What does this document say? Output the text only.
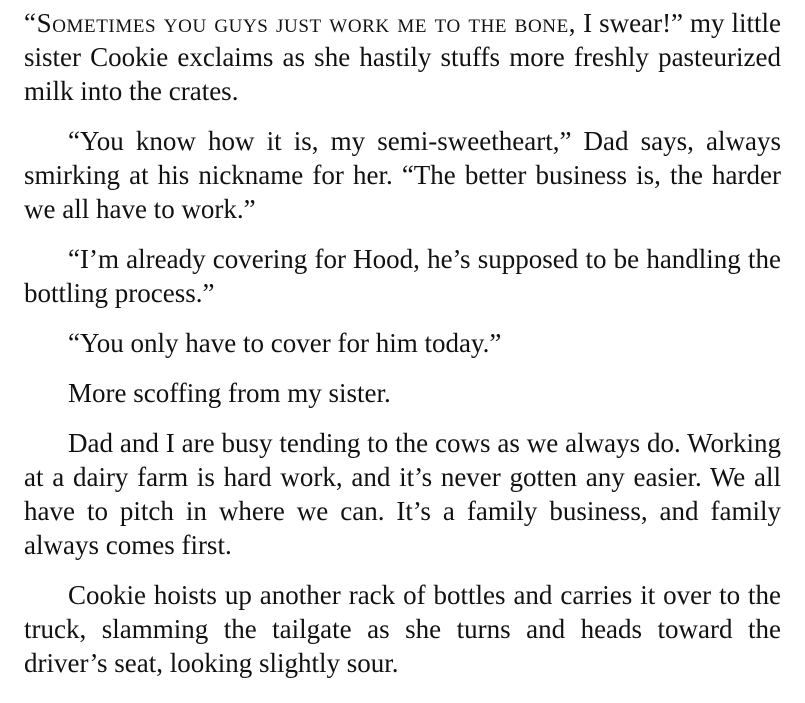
“Sometimes you guys just work me to the bone, I swear!” my little sister Cookie exclaims as she hastily stuffs more freshly pasteurized milk into the crates.

“You know how it is, my semi-sweetheart,” Dad says, always smirking at his nickname for her. “The better business is, the harder we all have to work.”

“I’m already covering for Hood, he’s supposed to be handling the bottling process.”

“You only have to cover for him today.”

More scoffing from my sister.

Dad and I are busy tending to the cows as we always do. Working at a dairy farm is hard work, and it’s never gotten any easier. We all have to pitch in where we can. It’s a family business, and family always comes first.

Cookie hoists up another rack of bottles and carries it over to the truck, slamming the tailgate as she turns and heads toward the driver’s seat, looking slightly sour.
